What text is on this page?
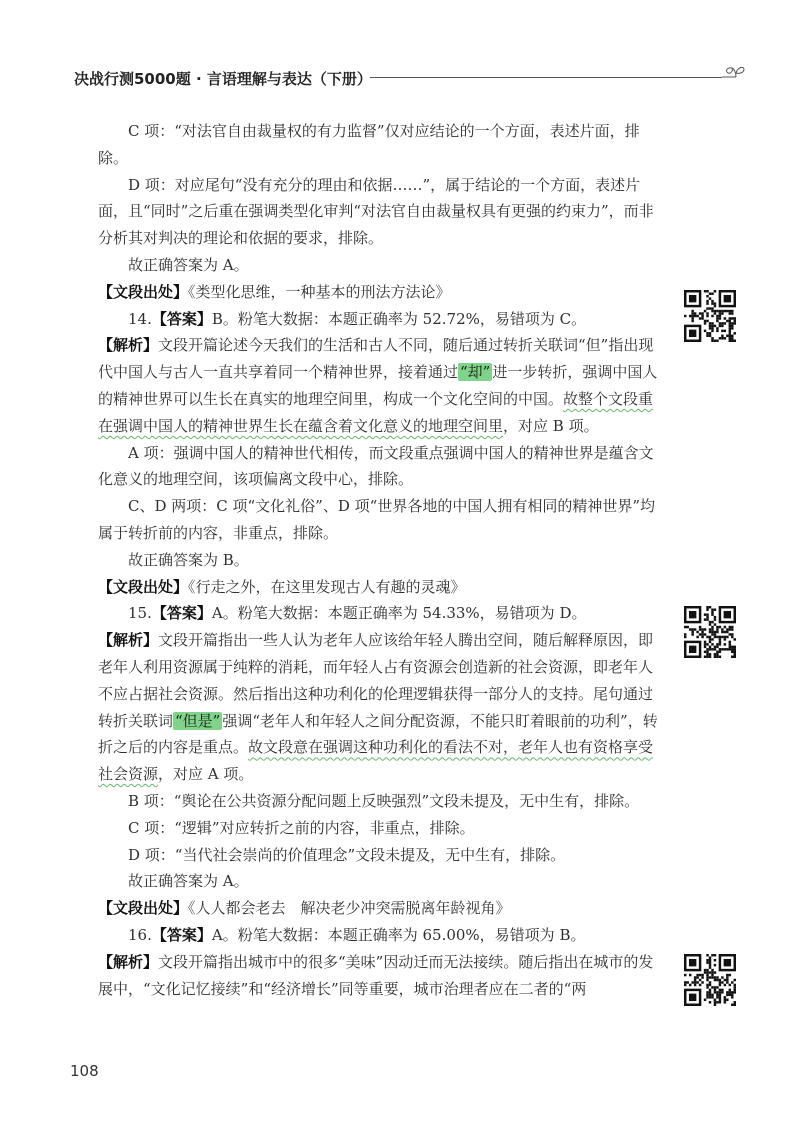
决战行测5000题 · 言语理解与表达（下册）

C 项：“对法官自由裁量权的有力监督”仅对应结论的一个方面，表述片面，排除。

D 项：对应尾句“没有充分的理由和依据……”，属于结论的一个方面，表述片面，且“同时”之后重在强调类型化审判“对法官自由裁量权具有更强的约束力”，而非分析其对判决的理论和依据的要求，排除。

故正确答案为 A。

【文段出处】《类型化思维，一种基本的刑法方法论》

14.【答案】B。粉笔大数据：本题正确率为 52.72%，易错项为 C。

【解析】文段开篇论述今天我们的生活和古人不同，随后通过转折关联词“但”指出现代中国人与古人一直共享着同一个精神世界，接着通过 “却” 进一步转折，强调中国人的精神世界可以生长在真实的地理空间里，构成一个文化空间的中国。故整个文段重在强调中国人的精神世界生长在蕴含着文化意义的地理空间里，对应 B 项。

A 项：强调中国人的精神世代相传，而文段重点强调中国人的精神世界是蕴含文化意义的地理空间，该项偏离文段中心，排除。

C、D 两项：C 项“文化礼俗”、D 项“世界各地的中国人拥有相同的精神世界”均属于转折前的内容，非重点，排除。

故正确答案为 B。

【文段出处】《行走之外，在这里发现古人有趣的灵魂》

15.【答案】A。粉笔大数据：本题正确率为 54.33%，易错项为 D。

【解析】文段开篇指出一些人认为老年人应该给年轻人腾出空间，随后解释原因，即老年人利用资源属于纯粹的消耗，而年轻人占有资源会创造新的社会资源，即老年人不应占据社会资源。然后指出这种功利化的伦理逻辑获得一部分人的支持。尾句通过转折关联词 “但是” 强调“老年人和年轻人之间分配资源，不能只盯着眼前的功利”，转折之后的内容是重点。故文段意在强调这种功利化的看法不对，老年人也有资格享受社会资源，对应 A 项。

B 项：“舆论在公共资源分配问题上反映强烈”文段未提及，无中生有，排除。

C 项：“逻辑”对应转折之前的内容，非重点，排除。

D 项：“当代社会崇尚的价值理念”文段未提及，无中生有，排除。

故正确答案为 A。

【文段出处】《人人都会老去　解决老少冲突需脱离年龄视角》

16.【答案】A。粉笔大数据：本题正确率为 65.00%，易错项为 B。

【解析】文段开篇指出城市中的很多“美味”因动迁而无法接续。随后指出在城市的发展中，“文化记忆接续”和“经济增长”同等重要，城市治理者应在二者的“两

108
